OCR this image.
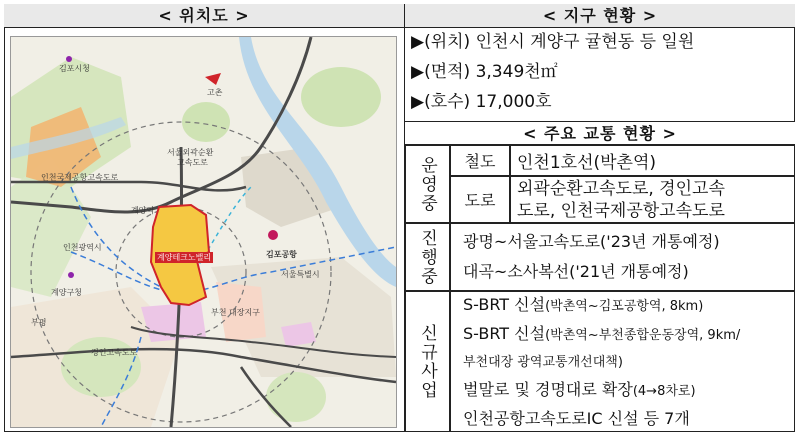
< 위치도 >
김포시청
고촌
서울외곽순환
고속도로
인천국제공항고속도로
계양역
인천광역시
계양테크노밸리	김포공항
서울특별시
계양구청
부천 대장지구
경인고속도로
부평
< 지구 현황 >
▶(위치) 인천시 계양구 귤현동 등 일원
▶(면적) 3,349천㎡
▶(호수) 17,000호
< 주요 교통 현황 >
운영중 철도 인천1호선(박촌역)
도로
외곽순환고속도로, 경인고속
도로, 인천국제공항고속도로
진행중 광명~서울고속도로('23년 개통예정)
대곡~소사복선('21년 개통예정)
신규사업
S-BRT 신설(박촌역~김포공항역, 8km)
S-BRT 신설(박촌역~부천종합운동장역, 9km/
부천대장 광역교통개선대책)
벌말로 및 경명대로 확장(4→8차로)
인천공항고속도로IC 신설 등 7개
